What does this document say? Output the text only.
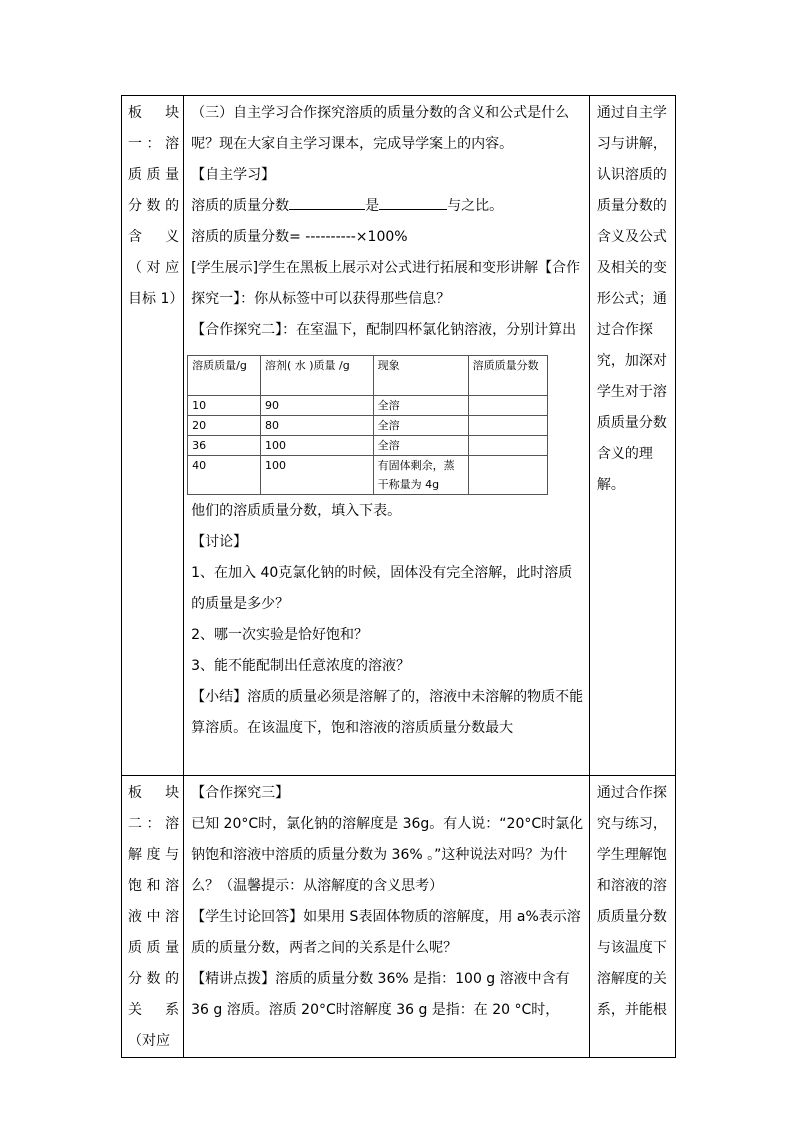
板块一：溶质质量分数的含义（对应目标 1）	

（三）自主学习合作探究溶质的质量分数的含义和公式是什么呢？现在大家自主学习课本，完成导学案上的内容。

【自主学习】

溶质的质量分数	是	与之比。

溶质的质量分数= ----------×100%

[学生展示]学生在黑板上展示对公式进行拓展和变形讲解【合作探究一】：你从标签中可以获得那些信息？

【合作探究二】：在室温下，配制四杯氯化钠溶液，分别计算出

溶质质量/g	溶剂( 水 )质量 /g	现象	溶质质量分数
10	90	全溶	
20	80	全溶	
36	100	全溶	
40	100	有固体剩余，蒸干称量为 4g	

他们的溶质质量分数，填入下表。

【讨论】

1、在加入 40克氯化钠的时候，固体没有完全溶解，此时溶质的质量是多少？

2、哪一次实验是恰好饱和？

3、能不能配制出任意浓度的溶液？

【小结】溶质的质量必须是溶解了的，溶液中未溶解的物质不能算溶质。在该温度下，饱和溶液的溶质质量分数最大

	通过自主学习与讲解，认识溶质的质量分数的含义及公式及相关的变形公式；通过合作探究，加深对学生对于溶质质量分数含义的理解。
板块二：溶解度与饱和溶液中溶质质量分数的关系（对应	

【合作探究三】

已知 20°C时，氯化钠的溶解度是 36g。有人说：“20°C时氯化钠饱和溶液中溶质的质量分数为 36% 。”这种说法对吗？为什么？（温馨提示：从溶解度的含义思考）

【学生讨论回答】如果用 S表固体物质的溶解度，用 a%表示溶质的质量分数，两者之间的关系是什么呢？

【精讲点拨】溶质的质量分数 36% 是指：100 g 溶液中含有 36 g 溶质。溶质 20°C时溶解度 36 g 是指：在 20 °C时，

	通过合作探究与练习，学生理解饱和溶液的溶质质量分数与该温度下溶解度的关系，并能根
